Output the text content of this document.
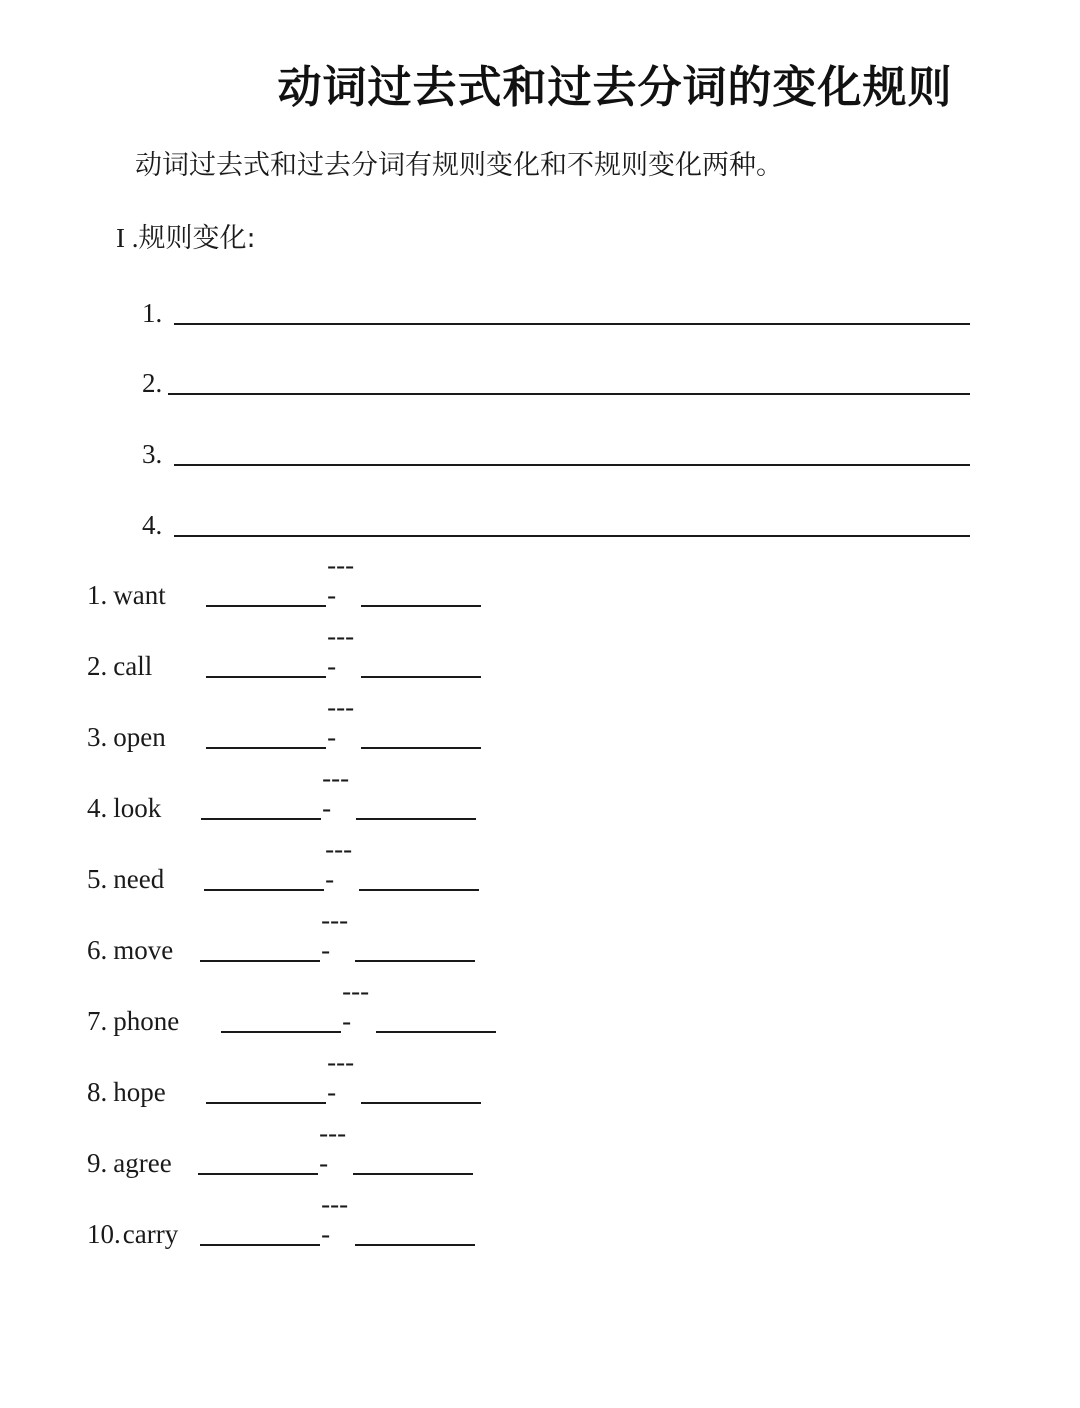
动词过去式和过去分词的变化规则
动词过去式和过去分词有规则变化和不规则变化两种。
I .规则变化:
1.
2.
3.
4.
1. want
----
2. call
----
3. open
----
4. look
----
5. need
----
6. move
----
7. phone
----
8. hope
----
9. agree
----
10. carry
----
